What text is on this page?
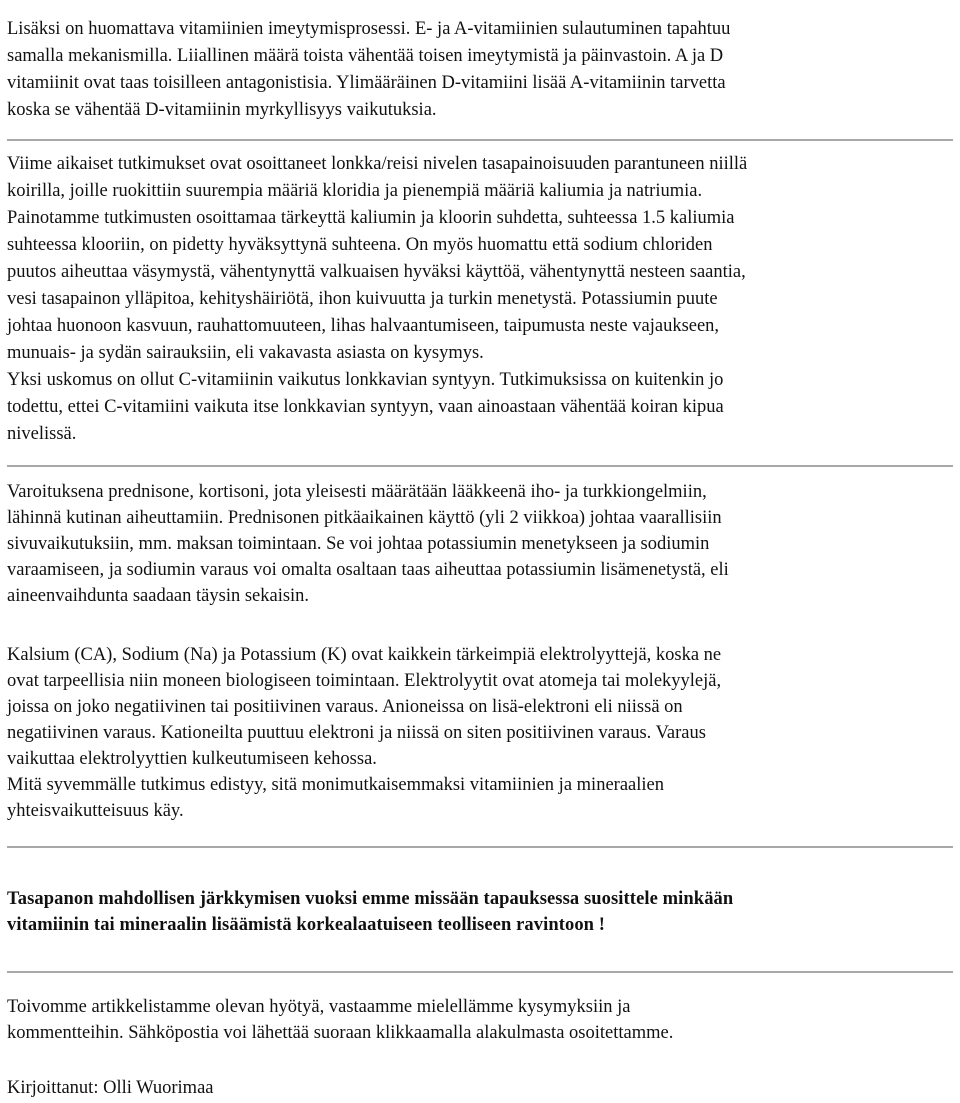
Lisäksi on huomattava vitamiinien imeytymisprosessi. E- ja A-vitamiinien sulautuminen tapahtuu
samalla mekanismilla. Liiallinen määrä toista vähentää toisen imeytymistä ja päinvastoin. A ja D
vitamiinit ovat taas toisilleen antagonistisia. Ylimääräinen D-vitamiini lisää A-vitamiinin tarvetta
koska se vähentää D-vitamiinin myrkyllisyys vaikutuksia.
Viime aikaiset tutkimukset ovat osoittaneet lonkka/reisi nivelen tasapainoisuuden parantuneen niillä
koirilla, joille ruokittiin suurempia määriä kloridia ja pienempiä määriä kaliumia ja natriumia.
Painotamme tutkimusten osoittamaa tärkeyttä kaliumin ja kloorin suhdetta, suhteessa 1.5 kaliumia
suhteessa klooriin, on pidetty hyväksyttynä suhteena. On myös huomattu että sodium chloriden
puutos aiheuttaa väsymystä, vähentynyttä valkuaisen hyväksi käyttöä, vähentynyttä nesteen saantia,
vesi tasapainon ylläpitoa, kehityshäiriötä, ihon kuivuutta ja turkin menetystä. Potassiumin puute
johtaa huonoon kasvuun, rauhattomuuteen, lihas halvaantumiseen, taipumusta neste vajaukseen,
munuais- ja sydän sairauksiin, eli vakavasta asiasta on kysymys.
Yksi uskomus on ollut C-vitamiinin vaikutus lonkkavian syntyyn. Tutkimuksissa on kuitenkin jo
todettu, ettei C-vitamiini vaikuta itse lonkkavian syntyyn, vaan ainoastaan vähentää koiran kipua
nivelissä.
Varoituksena prednisone, kortisoni, jota yleisesti määrätään lääkkeenä iho- ja turkkiongelmiin,
lähinnä kutinan aiheuttamiin. Prednisonen pitkäaikainen käyttö (yli 2 viikkoa) johtaa vaarallisiin
sivuvaikutuksiin, mm. maksan toimintaan. Se voi johtaa potassiumin menetykseen ja sodiumin
varaamiseen, ja sodiumin varaus voi omalta osaltaan taas aiheuttaa potassiumin lisämenetystä, eli
aineenvaihdunta saadaan täysin sekaisin.
Kalsium (CA), Sodium (Na) ja Potassium (K) ovat kaikkein tärkeimpiä elektrolyyttejä, koska ne
ovat tarpeellisia niin moneen biologiseen toimintaan. Elektrolyytit ovat atomeja tai molekyylejä,
joissa on joko negatiivinen tai positiivinen varaus. Anioneissa on lisä-elektroni eli niissä on
negatiivinen varaus. Kationeilta puuttuu elektroni ja niissä on siten positiivinen varaus. Varaus
vaikuttaa elektrolyyttien kulkeutumiseen kehossa.
Mitä syvemmälle tutkimus edistyy, sitä monimutkaisemmaksi vitamiinien ja mineraalien
yhteisvaikutteisuus käy.
Tasapanon mahdollisen järkkymisen vuoksi emme missään tapauksessa suosittele minkään
vitamiinin tai mineraalin lisäämistä korkealaatuiseen teolliseen ravintoon !
Toivomme artikkelistamme olevan hyötyä, vastaamme mielellämme kysymyksiin ja
kommentteihin. Sähköpostia voi lähettää suoraan klikkaamalla alakulmasta osoitettamme.
Kirjoittanut: Olli Wuorimaa
